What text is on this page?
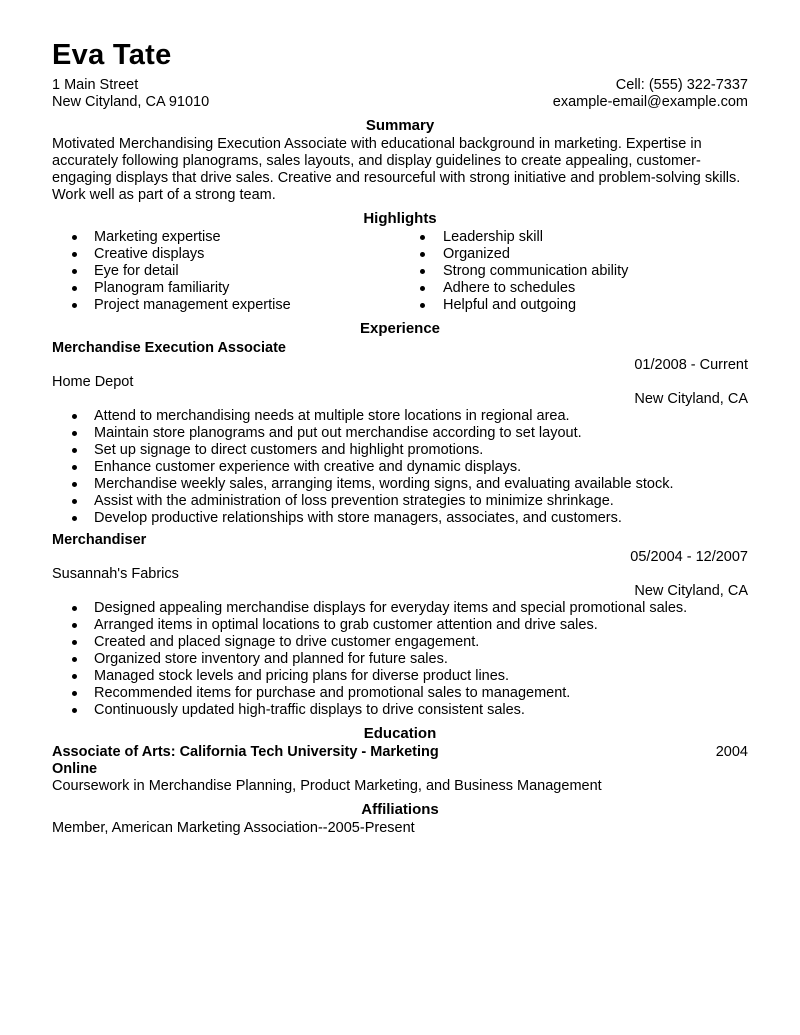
Eva Tate
1 Main Street	Cell: (555) 322-7337
New Cityland, CA 91010	example-email@example.com
Summary
Motivated Merchandising Execution Associate with educational background in marketing. Expertise in accurately following planograms, sales layouts, and display guidelines to create appealing, customer-engaging displays that drive sales. Creative and resourceful with strong initiative and problem-solving skills. Work well as part of a strong team.
Highlights
Marketing expertise
Creative displays
Eye for detail
Planogram familiarity
Project management expertise
Leadership skill
Organized
Strong communication ability
Adhere to schedules
Helpful and outgoing
Experience
Merchandise Execution Associate
01/2008 - Current
Home Depot
New Cityland, CA
Attend to merchandising needs at multiple store locations in regional area.
Maintain store planograms and put out merchandise according to set layout.
Set up signage to direct customers and highlight promotions.
Enhance customer experience with creative and dynamic displays.
Merchandise weekly sales, arranging items, wording signs, and evaluating available stock.
Assist with the administration of loss prevention strategies to minimize shrinkage.
Develop productive relationships with store managers, associates, and customers.
Merchandiser
05/2004 - 12/2007
Susannah's Fabrics
New Cityland, CA
Designed appealing merchandise displays for everyday items and special promotional sales.
Arranged items in optimal locations to grab customer attention and drive sales.
Created and placed signage to drive customer engagement.
Organized store inventory and planned for future sales.
Managed stock levels and pricing plans for diverse product lines.
Recommended items for purchase and promotional sales to management.
Continuously updated high-traffic displays to drive consistent sales.
Education
Associate of Arts: California Tech University - Marketing Online
2004
Coursework in Merchandise Planning, Product Marketing, and Business Management
Affiliations
Member, American Marketing Association--2005-Present
